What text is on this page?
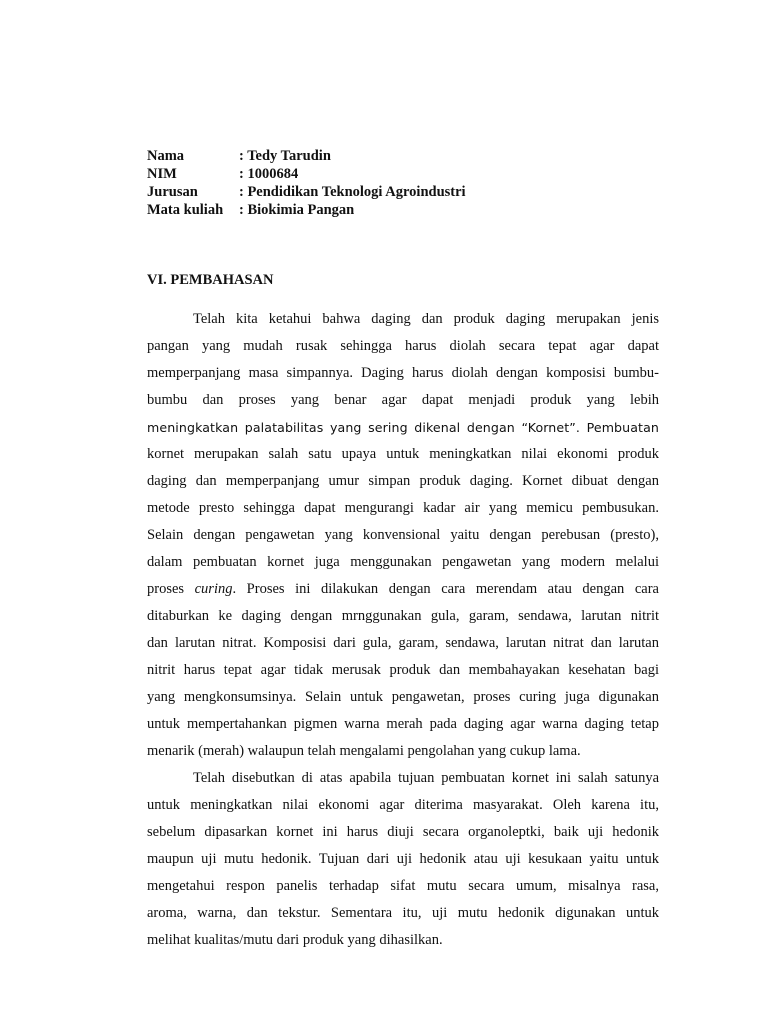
Nama	: Tedy Tarudin
NIM	: 1000684
Jurusan	: Pendidikan Teknologi Agroindustri
Mata kuliah	: Biokimia Pangan
VI. PEMBAHASAN
Telah kita ketahui bahwa daging dan produk daging merupakan jenis
pangan yang mudah rusak sehingga harus diolah secara tepat agar dapat
memperpanjang masa simpannya. Daging harus diolah dengan komposisi bumbu-
bumbu dan proses yang benar agar dapat menjadi produk yang lebih
meningkatkan palatabilitas yang sering dikenal dengan “Kornet”. Pembuatan
kornet merupakan salah satu upaya untuk meningkatkan nilai ekonomi produk
daging dan memperpanjang umur simpan produk daging. Kornet dibuat dengan
metode presto sehingga dapat mengurangi kadar air yang memicu pembusukan.
Selain dengan pengawetan yang konvensional yaitu dengan perebusan (presto),
dalam pembuatan kornet juga menggunakan pengawetan yang modern melalui
proses curing. Proses ini dilakukan dengan cara merendam atau dengan cara
ditaburkan ke daging dengan mrnggunakan gula, garam, sendawa, larutan nitrit
dan larutan nitrat. Komposisi dari gula, garam, sendawa, larutan nitrat dan larutan
nitrit harus tepat agar tidak merusak produk dan membahayakan kesehatan bagi
yang mengkonsumsinya. Selain untuk pengawetan, proses curing juga digunakan
untuk mempertahankan pigmen warna merah pada daging agar warna daging tetap
menarik (merah) walaupun telah mengalami pengolahan yang cukup lama.
Telah disebutkan di atas apabila tujuan pembuatan kornet ini salah satunya
untuk meningkatkan nilai ekonomi agar diterima masyarakat. Oleh karena itu,
sebelum dipasarkan kornet ini harus diuji secara organoleptki, baik uji hedonik
maupun uji mutu hedonik. Tujuan dari uji hedonik atau uji kesukaan yaitu untuk
mengetahui respon panelis terhadap sifat mutu secara umum, misalnya rasa,
aroma, warna, dan tekstur. Sementara itu, uji mutu hedonik digunakan untuk
melihat kualitas/mutu dari produk yang dihasilkan.
